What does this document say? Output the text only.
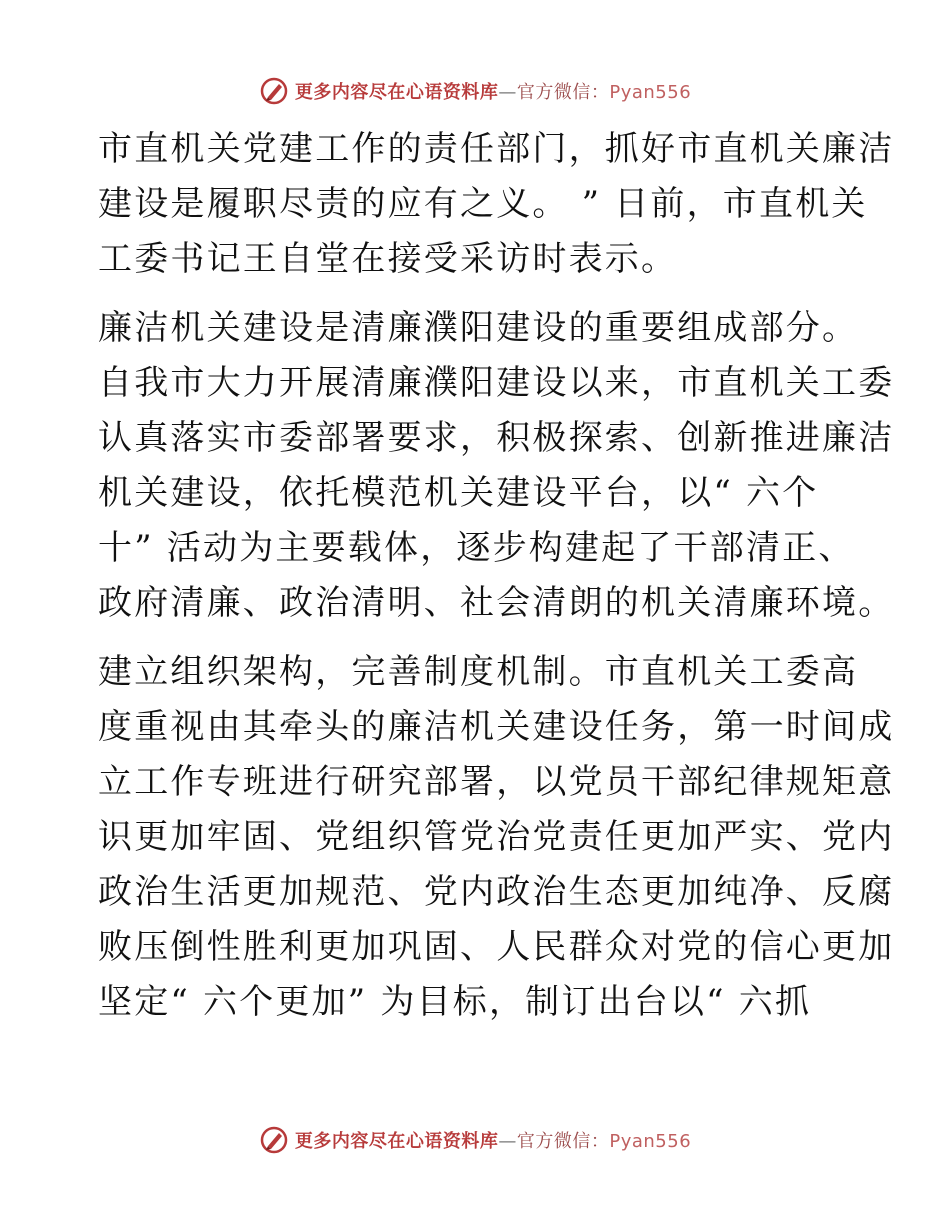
更多内容尽在心语资料库—官方微信：Pyan556
市直机关党建工作的责任部门，抓好市直机关廉洁
建设是履职尽责的应有之义。 ” 日前，市直机关
工委书记王自堂在接受采访时表示。
廉洁机关建设是清廉濮阳建设的重要组成部分。
自我市大力开展清廉濮阳建设以来，市直机关工委
认真落实市委部署要求，积极探索、创新推进廉洁
机关建设，依托模范机关建设平台，以“ 六个
十” 活动为主要载体，逐步构建起了干部清正、
政府清廉、政治清明、社会清朗的机关清廉环境。
建立组织架构，完善制度机制。市直机关工委高
度重视由其牵头的廉洁机关建设任务，第一时间成
立工作专班进行研究部署，以党员干部纪律规矩意
识更加牢固、党组织管党治党责任更加严实、党内
政治生活更加规范、党内政治生态更加纯净、反腐
败压倒性胜利更加巩固、人民群众对党的信心更加
坚定“ 六个更加” 为目标，制订出台以“ 六抓
更多内容尽在心语资料库—官方微信：Pyan556
